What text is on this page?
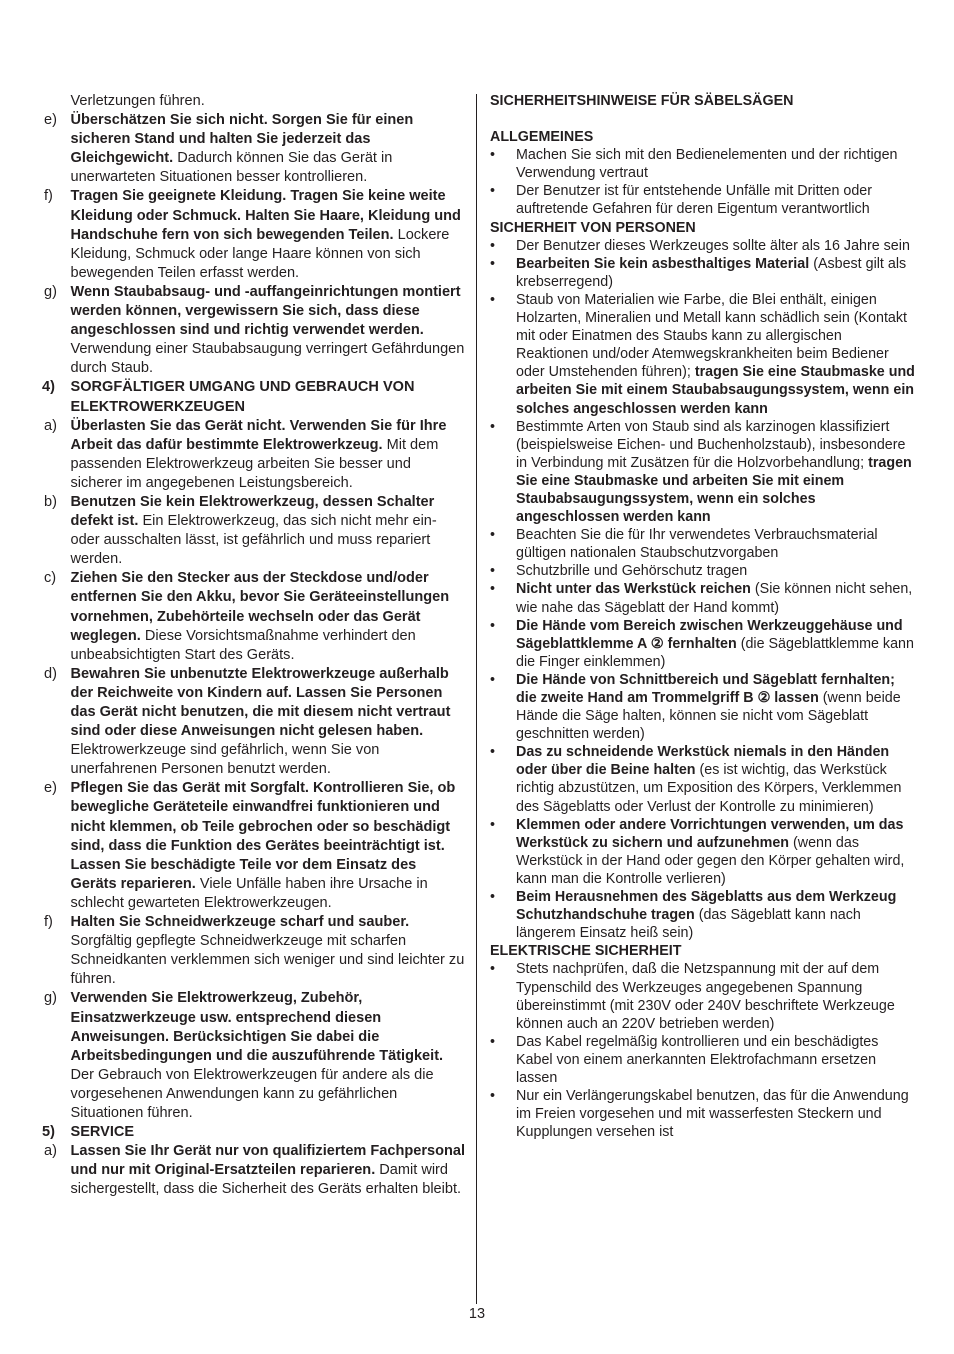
Verletzungen führen.
e) Überschätzen Sie sich nicht. Sorgen Sie für einen sicheren Stand und halten Sie jederzeit das Gleichgewicht. Dadurch können Sie das Gerät in unerwarteten Situationen besser kontrollieren.
f) Tragen Sie geeignete Kleidung. Tragen Sie keine weite Kleidung oder Schmuck. Halten Sie Haare, Kleidung und Handschuhe fern von sich bewegenden Teilen. Lockere Kleidung, Schmuck oder lange Haare können von sich bewegenden Teilen erfasst werden.
g) Wenn Staubabsaug- und -auffangeinrichtungen montiert werden können, vergewissern Sie sich, dass diese angeschlossen sind und richtig verwendet werden. Verwendung einer Staubabsaugung verringert Gefährdungen durch Staub.
4) SORGFÄLTIGER UMGANG UND GEBRAUCH VON ELEKTROWERKZEUGEN
a) Überlasten Sie das Gerät nicht. Verwenden Sie für Ihre Arbeit das dafür bestimmte Elektrowerkzeug. Mit dem passenden Elektrowerkzeug arbeiten Sie besser und sicherer im angegebenen Leistungsbereich.
b) Benutzen Sie kein Elektrowerkzeug, dessen Schalter defekt ist. Ein Elektrowerkzeug, das sich nicht mehr ein- oder ausschalten lässt, ist gefährlich und muss repariert werden.
c) Ziehen Sie den Stecker aus der Steckdose und/oder entfernen Sie den Akku, bevor Sie Geräteeinstellungen vornehmen, Zubehörteile wechseln oder das Gerät weglegen. Diese Vorsichtsmaßnahme verhindert den unbeabsichtigten Start des Geräts.
d) Bewahren Sie unbenutzte Elektrowerkzeuge außerhalb der Reichweite von Kindern auf. Lassen Sie Personen das Gerät nicht benutzen, die mit diesem nicht vertraut sind oder diese Anweisungen nicht gelesen haben. Elektrowerkzeuge sind gefährlich, wenn Sie von unerfahrenen Personen benutzt werden.
e) Pflegen Sie das Gerät mit Sorgfalt. Kontrollieren Sie, ob bewegliche Geräteteile einwandfrei funktionieren und nicht klemmen, ob Teile gebrochen oder so beschädigt sind, dass die Funktion des Gerätes beeinträchtigt ist. Lassen Sie beschädigte Teile vor dem Einsatz des Geräts reparieren. Viele Unfälle haben ihre Ursache in schlecht gewarteten Elektrowerkzeugen.
f) Halten Sie Schneidwerkzeuge scharf und sauber. Sorgfältig gepflegte Schneidwerkzeuge mit scharfen Schneidkanten verklemmen sich weniger und sind leichter zu führen.
g) Verwenden Sie Elektrowerkzeug, Zubehör, Einsatzwerkzeuge usw. entsprechend diesen Anweisungen. Berücksichtigen Sie dabei die Arbeitsbedingungen und die auszuführende Tätigkeit. Der Gebrauch von Elektrowerkzeugen für andere als die vorgesehenen Anwendungen kann zu gefährlichen Situationen führen.
5) SERVICE
a) Lassen Sie Ihr Gerät nur von qualifiziertem Fachpersonal und nur mit Original-Ersatzteilen reparieren. Damit wird sichergestellt, dass die Sicherheit des Geräts erhalten bleibt.
SICHERHEITSHINWEISE FÜR SÄBELSÄGEN
ALLGEMEINES
•	Machen Sie sich mit den Bedienelementen und der richtigen Verwendung vertraut
•	Der Benutzer ist für entstehende Unfälle mit Dritten oder auftretende Gefahren für deren Eigentum verantwortlich
SICHERHEIT VON PERSONEN
•	Der Benutzer dieses Werkzeuges sollte älter als 16 Jahre sein
•	Bearbeiten Sie kein asbesthaltiges Material (Asbest gilt als krebserregend)
•	Staub von Materialien wie Farbe, die Blei enthält, einigen Holzarten, Mineralien und Metall kann schädlich sein (Kontakt mit oder Einatmen des Staubs kann zu allergischen Reaktionen und/oder Atemwegskrankheiten beim Bediener oder Umstehenden führen); tragen Sie eine Staubmaske und arbeiten Sie mit einem Staubabsaugungssystem, wenn ein solches angeschlossen werden kann
•	Bestimmte Arten von Staub sind als karzinogen klassifiziert (beispielsweise Eichen- und Buchenholzstaub), insbesondere in Verbindung mit Zusätzen für die Holzvorbehandlung; tragen Sie eine Staubmaske und arbeiten Sie mit einem Staubabsaugungssystem, wenn ein solches angeschlossen werden kann
•	Beachten Sie die für Ihr verwendetes Verbrauchsmaterial gültigen nationalen Staubschutzvorgaben
•	Schutzbrille und Gehörschutz tragen
•	Nicht unter das Werkstück reichen (Sie können nicht sehen, wie nahe das Sägeblatt der Hand kommt)
•	Die Hände vom Bereich zwischen Werkzeuggehäuse und Sägeblattklemme A ② fernhalten (die Sägeblattklemme kann die Finger einklemmen)
•	Die Hände von Schnittbereich und Sägeblatt fernhalten; die zweite Hand am Trommelgriff B ② lassen (wenn beide Hände die Säge halten, können sie nicht vom Sägeblatt geschnitten werden)
•	Das zu schneidende Werkstück niemals in den Händen oder über die Beine halten (es ist wichtig, das Werkstück richtig abzustützen, um Exposition des Körpers, Verklemmen des Sägeblatts oder Verlust der Kontrolle zu minimieren)
•	Klemmen oder andere Vorrichtungen verwenden, um das Werkstück zu sichern und aufzunehmen (wenn das Werkstück in der Hand oder gegen den Körper gehalten wird, kann man die Kontrolle verlieren)
•	Beim Herausnehmen des Sägeblatts aus dem Werkzeug Schutzhandschuhe tragen (das Sägeblatt kann nach längerem Einsatz heiß sein)
ELEKTRISCHE SICHERHEIT
•	Stets nachprüfen, daß die Netzspannung mit der auf dem Typenschild des Werkzeuges angegebenen Spannung übereinstimmt (mit 230V oder 240V beschriftete Werkzeuge können auch an 220V betrieben werden)
•	Das Kabel regelmäßig kontrollieren und ein beschädigtes Kabel von einem anerkannten Elektrofachmann ersetzen lassen
•	Nur ein Verlängerungskabel benutzen, das für die Anwendung im Freien vorgesehen und mit wasserfesten Steckern und Kupplungen versehen ist
13
